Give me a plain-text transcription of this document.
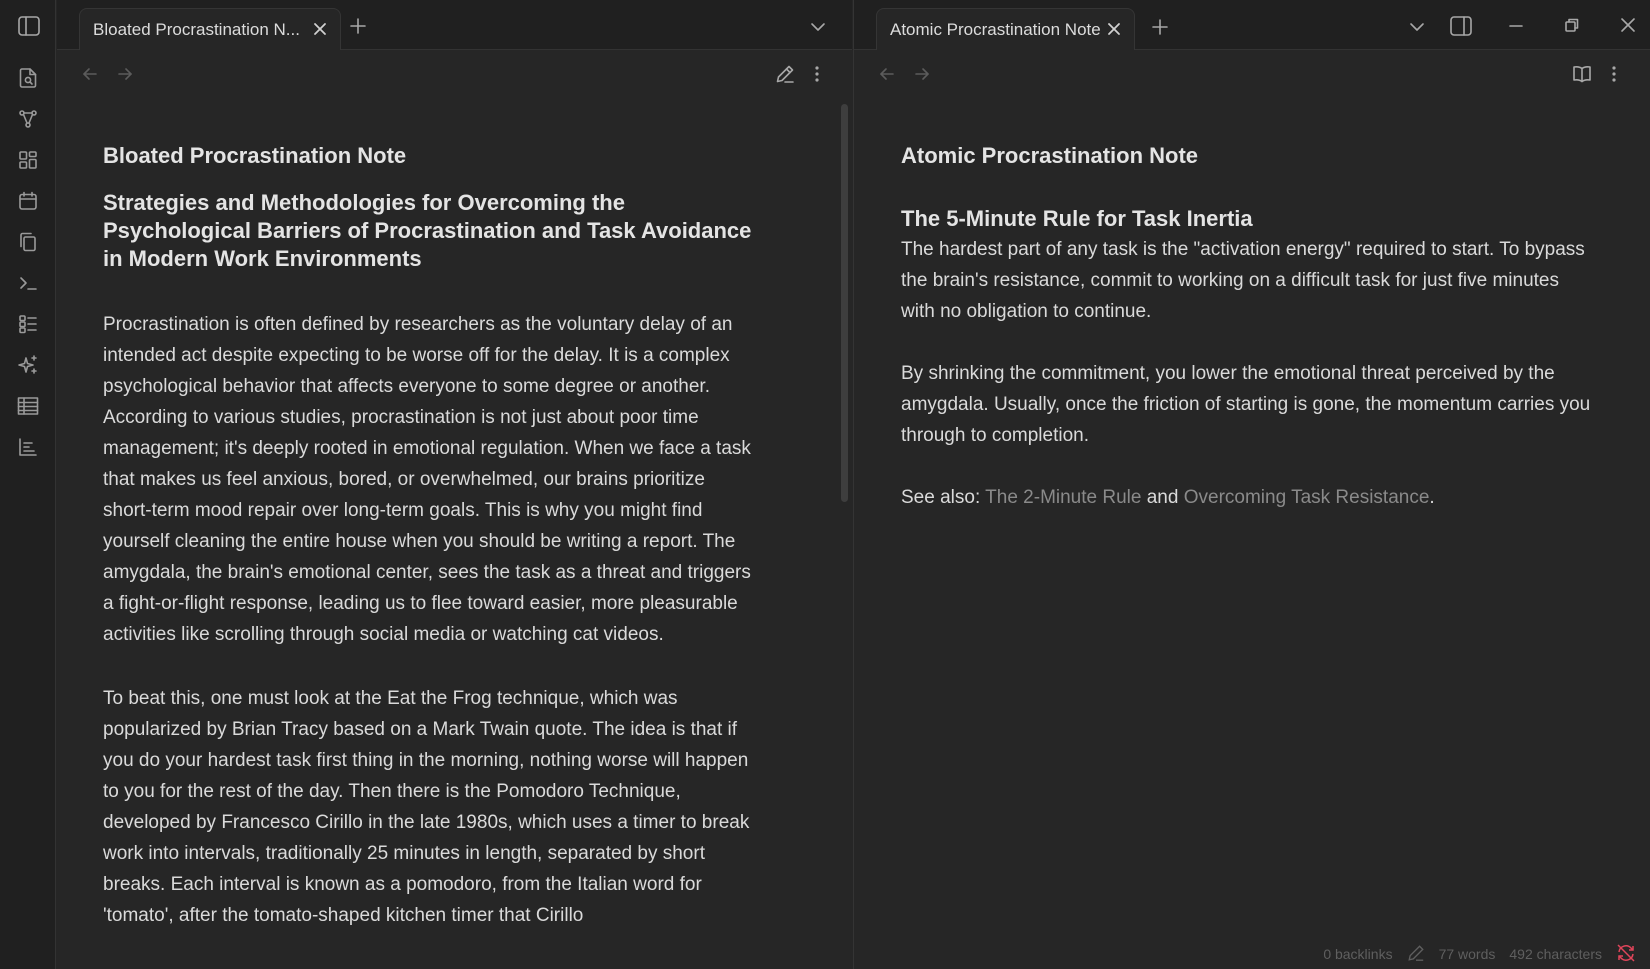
Bloated Procrastination N...
Bloated Procrastination Note
Strategies and Methodologies for Overcoming the Psychological Barriers of Procrastination and Task Avoidance in Modern Work Environments

Procrastination is often defined by researchers as the voluntary delay of an intended act despite expecting to be worse off for the delay. It is a complex psychological behavior that affects everyone to some degree or another. According to various studies, procrastination is not just about poor time management; it's deeply rooted in emotional regulation. When we face a task that makes us feel anxious, bored, or overwhelmed, our brains prioritize short-term mood repair over long-term goals. This is why you might find yourself cleaning the entire house when you should be writing a report. The amygdala, the brain's emotional center, sees the task as a threat and triggers a fight-or-flight response, leading us to flee toward easier, more pleasurable activities like scrolling through social media or watching cat videos.

To beat this, one must look at the Eat the Frog technique, which was popularized by Brian Tracy based on a Mark Twain quote. The idea is that if you do your hardest task first thing in the morning, nothing worse will happen to you for the rest of the day. Then there is the Pomodoro Technique, developed by Francesco Cirillo in the late 1980s, which uses a timer to break work into intervals, traditionally 25 minutes in length, separated by short breaks. Each interval is known as a pomodoro, from the Italian word for 'tomato', after the tomato-shaped kitchen timer that Cirillo

Atomic Procrastination Note
Atomic Procrastination Note
The 5-Minute Rule for Task Inertia

The hardest part of any task is the "activation energy" required to start. To bypass the brain's resistance, commit to working on a difficult task for just five minutes with no obligation to continue.

By shrinking the commitment, you lower the emotional threat perceived by the amygdala. Usually, once the friction of starting is gone, the momentum carries you through to completion.

See also: The 2-Minute Rule and Overcoming Task Resistance.

0 backlinks	77 words 492 characters
